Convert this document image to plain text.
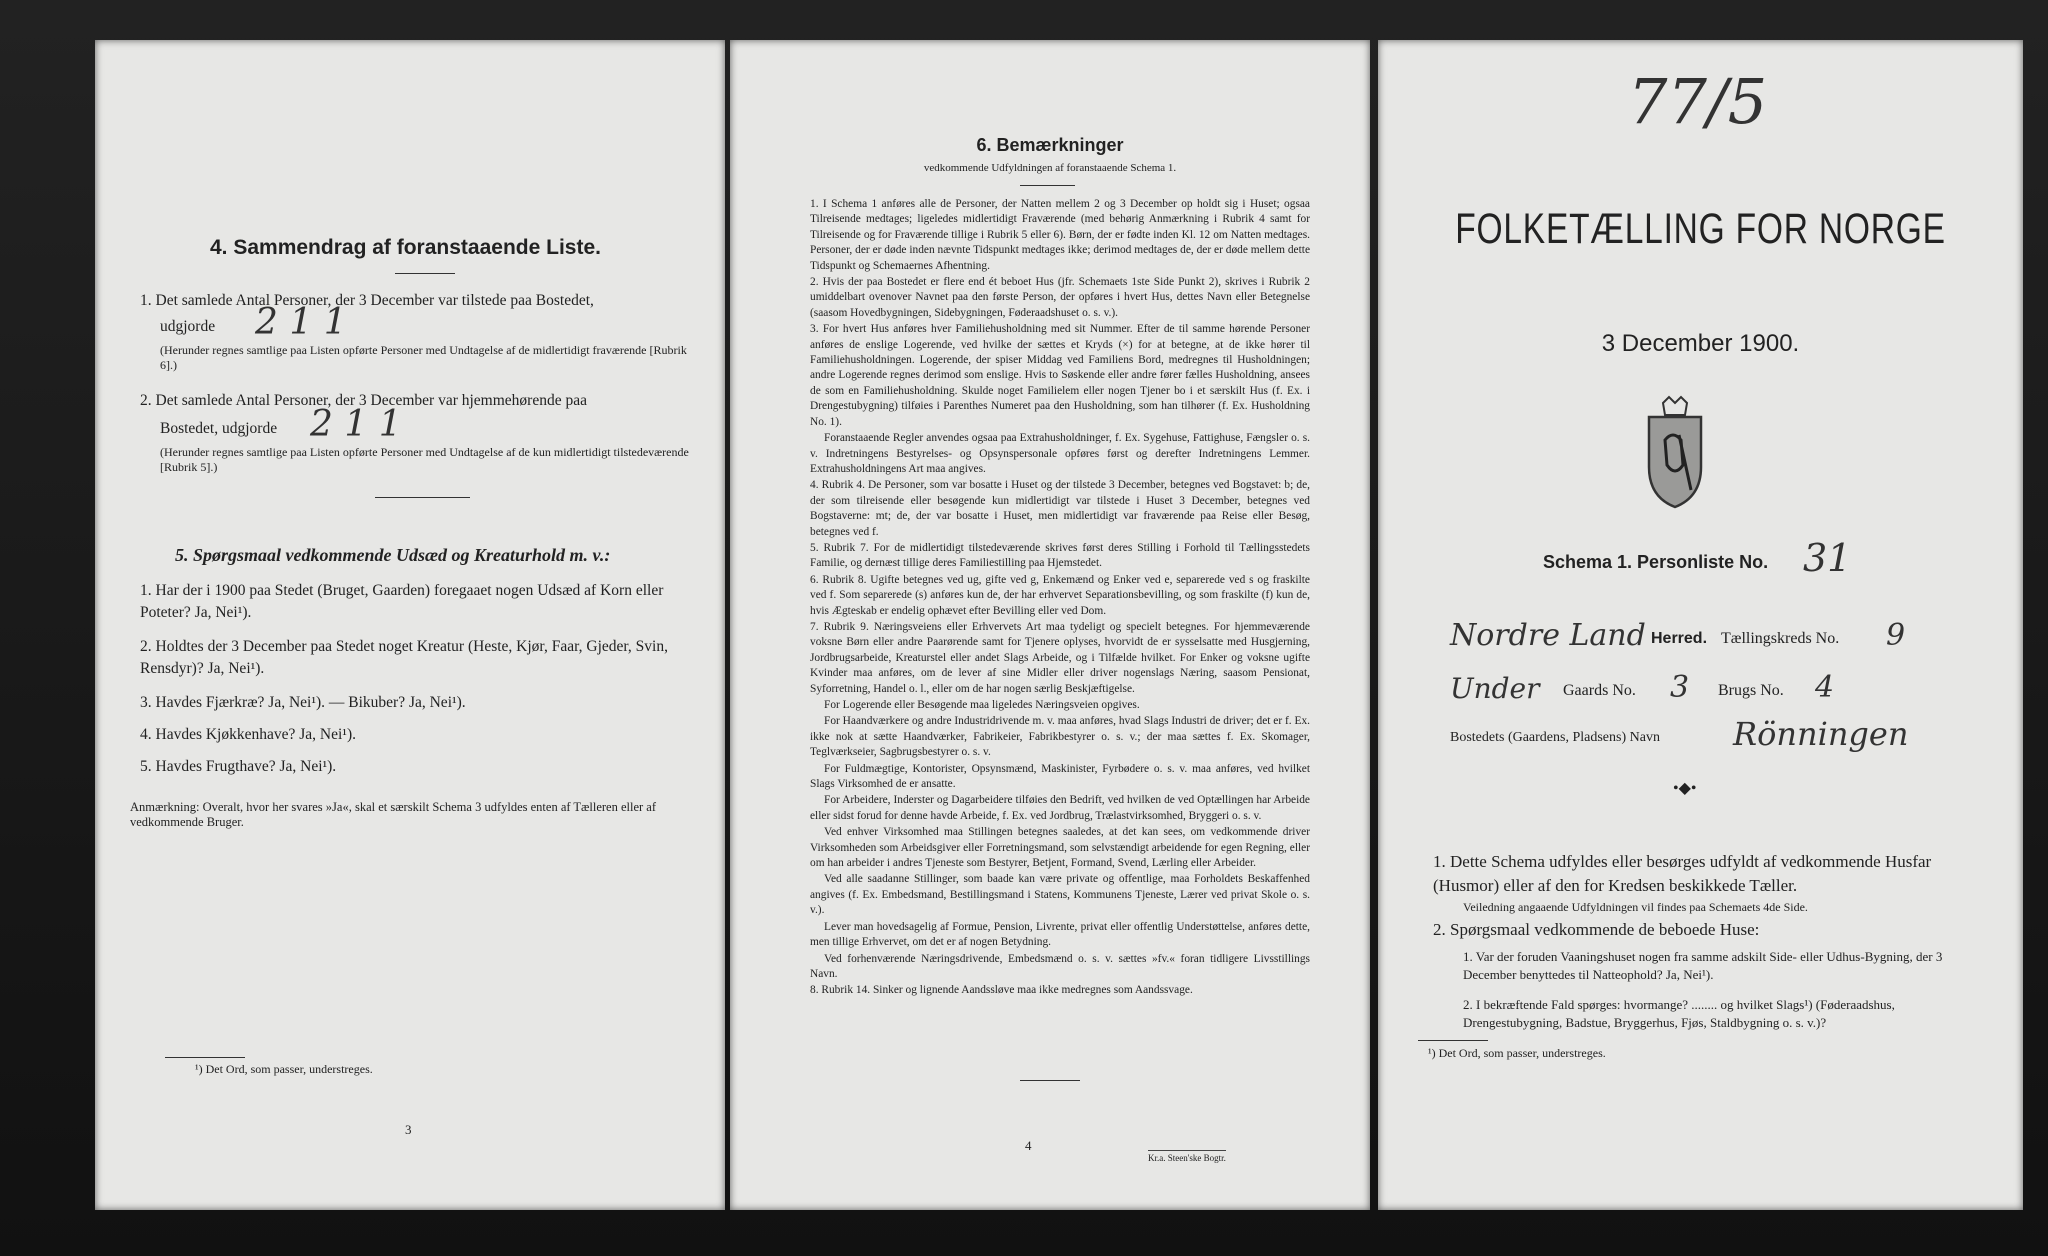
4. Sammendrag af foranstaaende Liste.
1. Det samlede Antal Personer, der 3 December var tilstede paa Bostedet,
udgjorde 2 1 1
(Herunder regnes samtlige paa Listen opførte Personer med Undtagelse af de midlertidigt fraværende [Rubrik 6].)
2. Det samlede Antal Personer, der 3 December var hjemmehørende paa
Bostedet, udgjorde 2 1 1
(Herunder regnes samtlige paa Listen opførte Personer med Undtagelse af de kun midlertidigt tilstedeværende [Rubrik 5].)
5. Spørgsmaal vedkommende Udsæd og Kreaturhold m. v.:
1. Har der i 1900 paa Stedet (Bruget, Gaarden) foregaaet nogen Udsæd af Korn eller Poteter? Ja, Nei¹).
2. Holdtes der 3 December paa Stedet noget Kreatur (Heste, Kjør, Faar, Gjeder, Svin, Rensdyr)? Ja, Nei¹).
3. Havdes Fjærkræ? Ja, Nei¹). — Bikuber? Ja, Nei¹).
4. Havdes Kjøkkenhave? Ja, Nei¹).
5. Havdes Frugthave? Ja, Nei¹).
Anmærkning: Overalt, hvor her svares »Ja«, skal et særskilt Schema 3 udfyldes enten af Tælleren eller af vedkommende Bruger.
¹) Det Ord, som passer, understreges.
3
6. Bemærkninger
vedkommende Udfyldningen af foranstaaende Schema 1.

1. I Schema 1 anføres alle de Personer, der Natten mellem 2 og 3 December op holdt sig i Huset; ogsaa Tilreisende medtages; ligeledes midlertidigt Fraværende (med behørig Anmærkning i Rubrik 4 samt for Tilreisende og for Fraværende tillige i Rubrik 5 eller 6). Børn, der er fødte inden Kl. 12 om Natten medtages. Personer, der er døde inden nævnte Tidspunkt medtages ikke; derimod medtages de, der er døde mellem dette Tidspunkt og Schemaernes Afhentning.

2. Hvis der paa Bostedet er flere end ét beboet Hus (jfr. Schemaets 1ste Side Punkt 2), skrives i Rubrik 2 umiddelbart ovenover Navnet paa den første Person, der opføres i hvert Hus, dettes Navn eller Betegnelse (saasom Hovedbygningen, Sidebygningen, Føderaadshuset o. s. v.).

3. For hvert Hus anføres hver Familiehusholdning med sit Nummer. Efter de til samme hørende Personer anføres de enslige Logerende, ved hvilke der sættes et Kryds (×) for at betegne, at de ikke hører til Familiehusholdningen. Logerende, der spiser Middag ved Familiens Bord, medregnes til Husholdningen; andre Logerende regnes derimod som enslige. Hvis to Søskende eller andre fører fælles Husholdning, ansees de som en Familiehusholdning. Skulde noget Familielem eller nogen Tjener bo i et særskilt Hus (f. Ex. i Drengestubygning) tilføies i Parenthes Numeret paa den Husholdning, som han tilhører (f. Ex. Husholdning No. 1).

Foranstaaende Regler anvendes ogsaa paa Extrahusholdninger, f. Ex. Sygehuse, Fattighuse, Fængsler o. s. v. Indretningens Bestyrelses- og Opsynspersonale opføres først og derefter Indretningens Lemmer. Extrahusholdningens Art maa angives.

4. Rubrik 4. De Personer, som var bosatte i Huset og der tilstede 3 December, betegnes ved Bogstavet: b; de, der som tilreisende eller besøgende kun midlertidigt var tilstede i Huset 3 December, betegnes ved Bogstaverne: mt; de, der var bosatte i Huset, men midlertidigt var fraværende paa Reise eller Besøg, betegnes ved f.

5. Rubrik 7. For de midlertidigt tilstedeværende skrives først deres Stilling i Forhold til Tællingsstedets Familie, og dernæst tillige deres Familiestilling paa Hjemstedet.

6. Rubrik 8. Ugifte betegnes ved ug, gifte ved g, Enkemænd og Enker ved e, separerede ved s og fraskilte ved f. Som separerede (s) anføres kun de, der har erhvervet Separationsbevilling, og som fraskilte (f) kun de, hvis Ægteskab er endelig ophævet efter Bevilling eller ved Dom.

7. Rubrik 9. Næringsveiens eller Erhvervets Art maa tydeligt og specielt betegnes. For hjemmeværende voksne Børn eller andre Paarørende samt for Tjenere oplyses, hvorvidt de er sysselsatte med Husgjerning, Jordbrugsarbeide, Kreaturstel eller andet Slags Arbeide, og i Tilfælde hvilket. For Enker og voksne ugifte Kvinder maa anføres, om de lever af sine Midler eller driver nogenslags Næring, saasom Pensionat, Syforretning, Handel o. l., eller om de har nogen særlig Beskjæftigelse.

For Logerende eller Besøgende maa ligeledes Næringsveien opgives.

For Haandværkere og andre Industridrivende m. v. maa anføres, hvad Slags Industri de driver; det er f. Ex. ikke nok at sætte Haandværker, Fabrikeier, Fabrikbestyrer o. s. v.; der maa sættes f. Ex. Skomager, Teglværkseier, Sagbrugsbestyrer o. s. v.

For Fuldmægtige, Kontorister, Opsynsmænd, Maskinister, Fyrbødere o. s. v. maa anføres, ved hvilket Slags Virksomhed de er ansatte.

For Arbeidere, Inderster og Dagarbeidere tilføies den Bedrift, ved hvilken de ved Optællingen har Arbeide eller sidst forud for denne havde Arbeide, f. Ex. ved Jordbrug, Trælastvirksomhed, Bryggeri o. s. v.

Ved enhver Virksomhed maa Stillingen betegnes saaledes, at det kan sees, om vedkommende driver Virksomheden som Arbeidsgiver eller Forretningsmand, som selvstændigt arbeidende for egen Regning, eller om han arbeider i andres Tjeneste som Bestyrer, Betjent, Formand, Svend, Lærling eller Arbeider.

Ved alle saadanne Stillinger, som baade kan være private og offentlige, maa Forholdets Beskaffenhed angives (f. Ex. Embedsmand, Bestillingsmand i Statens, Kommunens Tjeneste, Lærer ved privat Skole o. s. v.).

Lever man hovedsagelig af Formue, Pension, Livrente, privat eller offentlig Understøttelse, anføres dette, men tillige Erhvervet, om det er af nogen Betydning.

Ved forhenværende Næringsdrivende, Embedsmænd o. s. v. sættes »fv.« foran tidligere Livsstillings Navn.

8. Rubrik 14. Sinker og lignende Aandssløve maa ikke medregnes som Aandssvage.

4
Kr.a. Steen'ske Bogtr.
77/5
FOLKETÆLLING FOR NORGE
3 December 1900.
Schema 1. Personliste No. 31
Nordre Land Herred. Tællingskreds No. 9
Under Gaards No. 3 Brugs No. 4
Bostedets (Gaardens, Pladsens) Navn Rönningen
•◆•
1. Dette Schema udfyldes eller besørges udfyldt af vedkommende Husfar (Husmor) eller af den for Kredsen beskikkede Tæller.
Veiledning angaaende Udfyldningen vil findes paa Schemaets 4de Side.
2. Spørgsmaal vedkommende de beboede Huse:
1. Var der foruden Vaaningshuset nogen fra samme adskilt Side- eller Udhus-Bygning, der 3 December benyttedes til Natteophold? Ja, Nei¹).
2. I bekræftende Fald spørges: hvormange? ........ og hvilket Slags¹) (Føderaadshus, Drengestubygning, Badstue, Bryggerhus, Fjøs, Staldbygning o. s. v.)?
¹) Det Ord, som passer, understreges.
